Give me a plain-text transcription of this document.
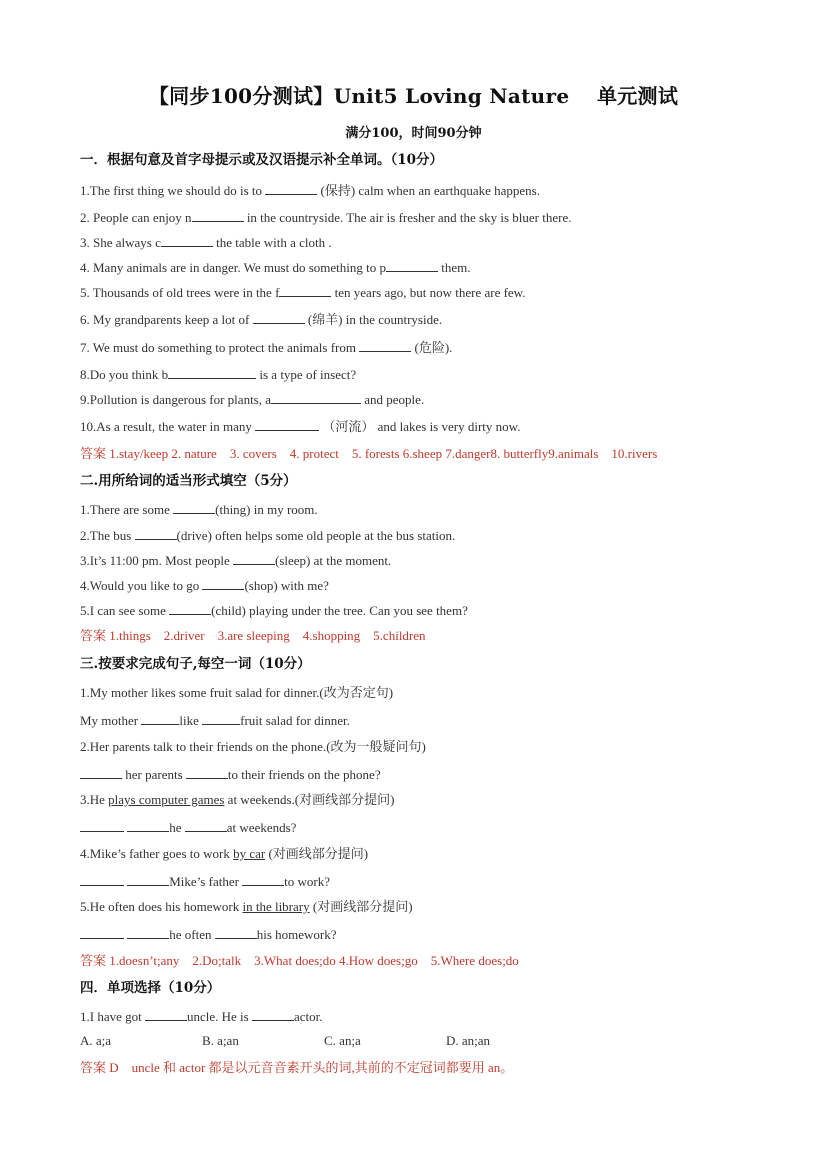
【同步100分测试】Unit5 Loving Nature　 单元测试
满分100，时间90分钟
一．根据句意及首字母提示或及汉语提示补全单词。（10分）
1.The first thing we should do is to	(保持) calm when an earthquake happens.
2. People can enjoy n	in the countryside. The air is fresher and the sky is bluer there.
3. She always c	the table with a cloth .
4. Many animals are in danger. We must do something to p	them.
5. Thousands of old trees were in the f	ten years ago, but now there are few.
6. My grandparents keep a lot of	(绵羊) in the countryside.
7. We must do something to protect the animals from	(危险).
8.Do you think b	is a type of insect?
9.Pollution is dangerous for plants, a	and people.
10.As a result, the water in many	（河流） and lakes is very dirty now.
答案 1.stay/keep 2. nature　3. covers　4. protect　5. forests 6.sheep 7.danger8. butterfly9.animals　10.rivers
二.用所给词的适当形式填空（5分）
1.There are some	(thing) in my room.
2.The bus	(drive) often helps some old people at the bus station.
3.It’s 11:00 pm. Most people	(sleep) at the moment.
4.Would you like to go	(shop) with me?
5.I can see some	(child) playing under the tree. Can you see them?
答案 1.things　2.driver　3.are sleeping　4.shopping　5.children
三.按要求完成句子,每空一词（10分）
1.My mother likes some fruit salad for dinner.(改为否定句)
My mother	like	fruit salad for dinner.
2.Her parents talk to their friends on the phone.(改为一般疑问句)
her parents	to their friends on the phone?
3.He plays computer games at weekends.(对画线部分提问)
he	at weekends?
4.Mike’s father goes to work by car (对画线部分提问)
Mike’s father	to work?
5.He often does his homework in the library (对画线部分提问)
he often	his homework?
答案 1.doesn’t;any　2.Do;talk　3.What does;do 4.How does;go　5.Where does;do
四．单项选择（10分）
1.I have got	uncle. He is	actor.
A. a;a	B. a;an	C. an;a	D. an;an
答案 D　uncle 和 actor 都是以元音音素开头的词,其前的不定冠词都要用 an。
